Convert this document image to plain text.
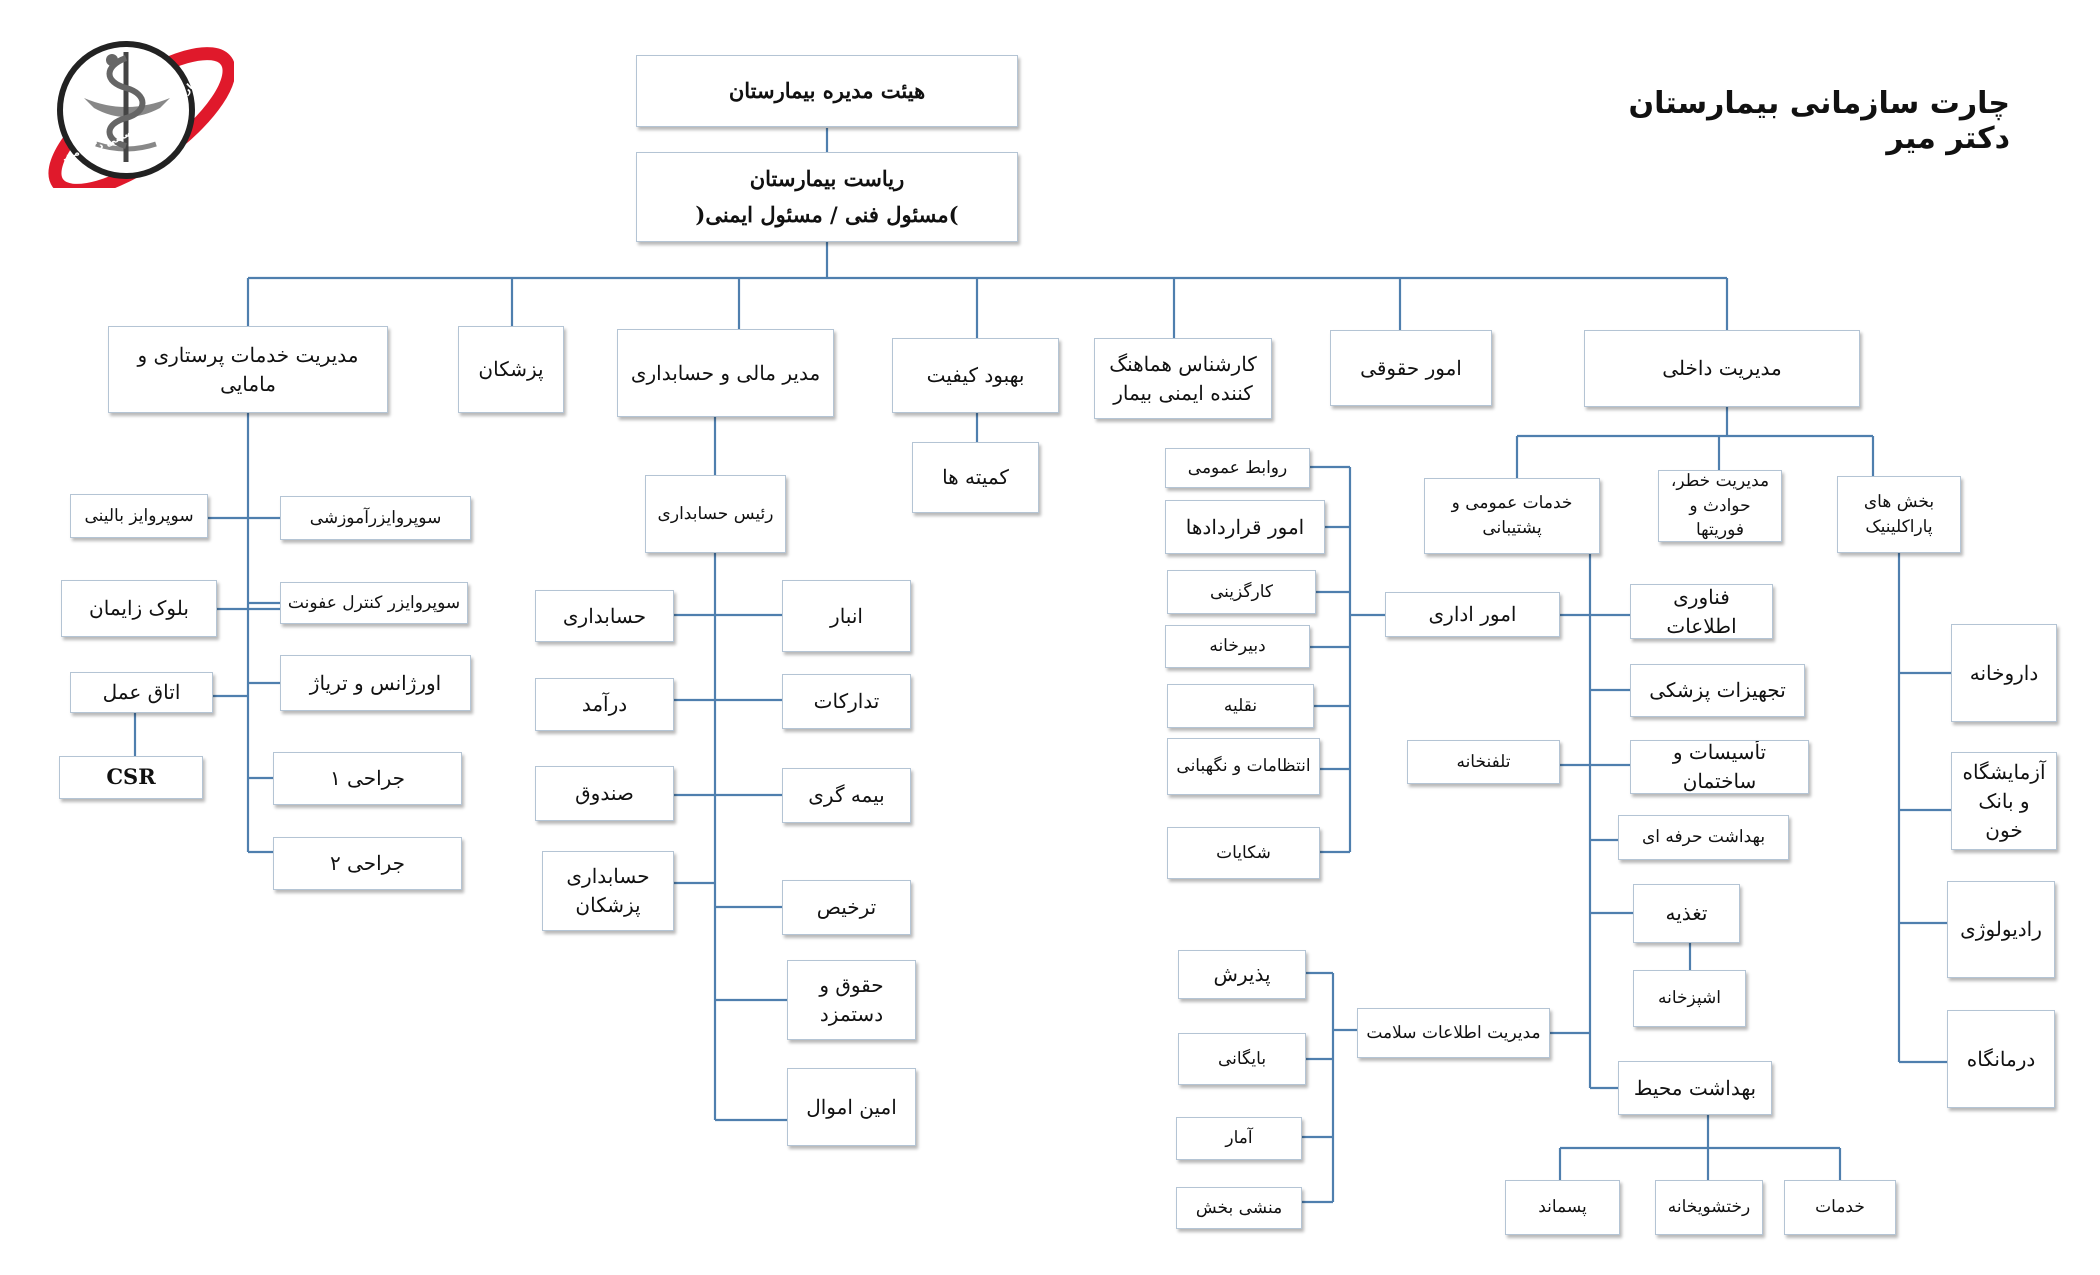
چارت سازمانی بیمارستان دکتر میر
بیمارستان فوق تخصصی دکتر میر
هیئت مدیره بیمارستان
ریاست بیمارستان
)مسئول فنی / مسئول ایمنی(
مدیریت خدمات پرستاری و مامایی
پزشکان	مدیر مالی و حسابداری	بهبود کیفیت	کارشناس هماهنگ کننده ایمنی بیمار
امور حقوقی	مدیریت داخلی
سوپروایز بالینی	سوپروایزرآموزشی
بلوک زایمان	سوپروایزر کنترل عفونت
اتاق عمل	اورژانس و تریاژ
CSR	جراحی ۱
جراحی ۲
رئیس حسابداری
حسابداری	انبار
درآمد	تدارکات
صندوق	بیمه گری
حسابداری پزشکان	ترخیص
حقوق و دستمزد
امین اموال
کمیته ها	روابط عمومی
امور قراردادها
کارگزینی
دبیرخانه
نقلیه
انتظامات و نگهبانی
شکایات
امور اداری
خدمات عمومی و پشتیبانی
مدیریت خطر، حوادث و فوریتها
بخش های پاراکلینیک
فناوری اطلاعات
تجهیزات پزشکی
تلفنخانه	تأسیسات و ساختمان
بهداشت حرفه ای
تغذیه
اشپزخانه
بهداشت محیط
پسماند	رختشویخانه	خدمات
داروخانه
آزمایشگاه و بانک خون
رادیولوژی
درمانگاه
مدیریت اطلاعات سلامت
پذیرش
بایگانی
آمار
منشی بخش
